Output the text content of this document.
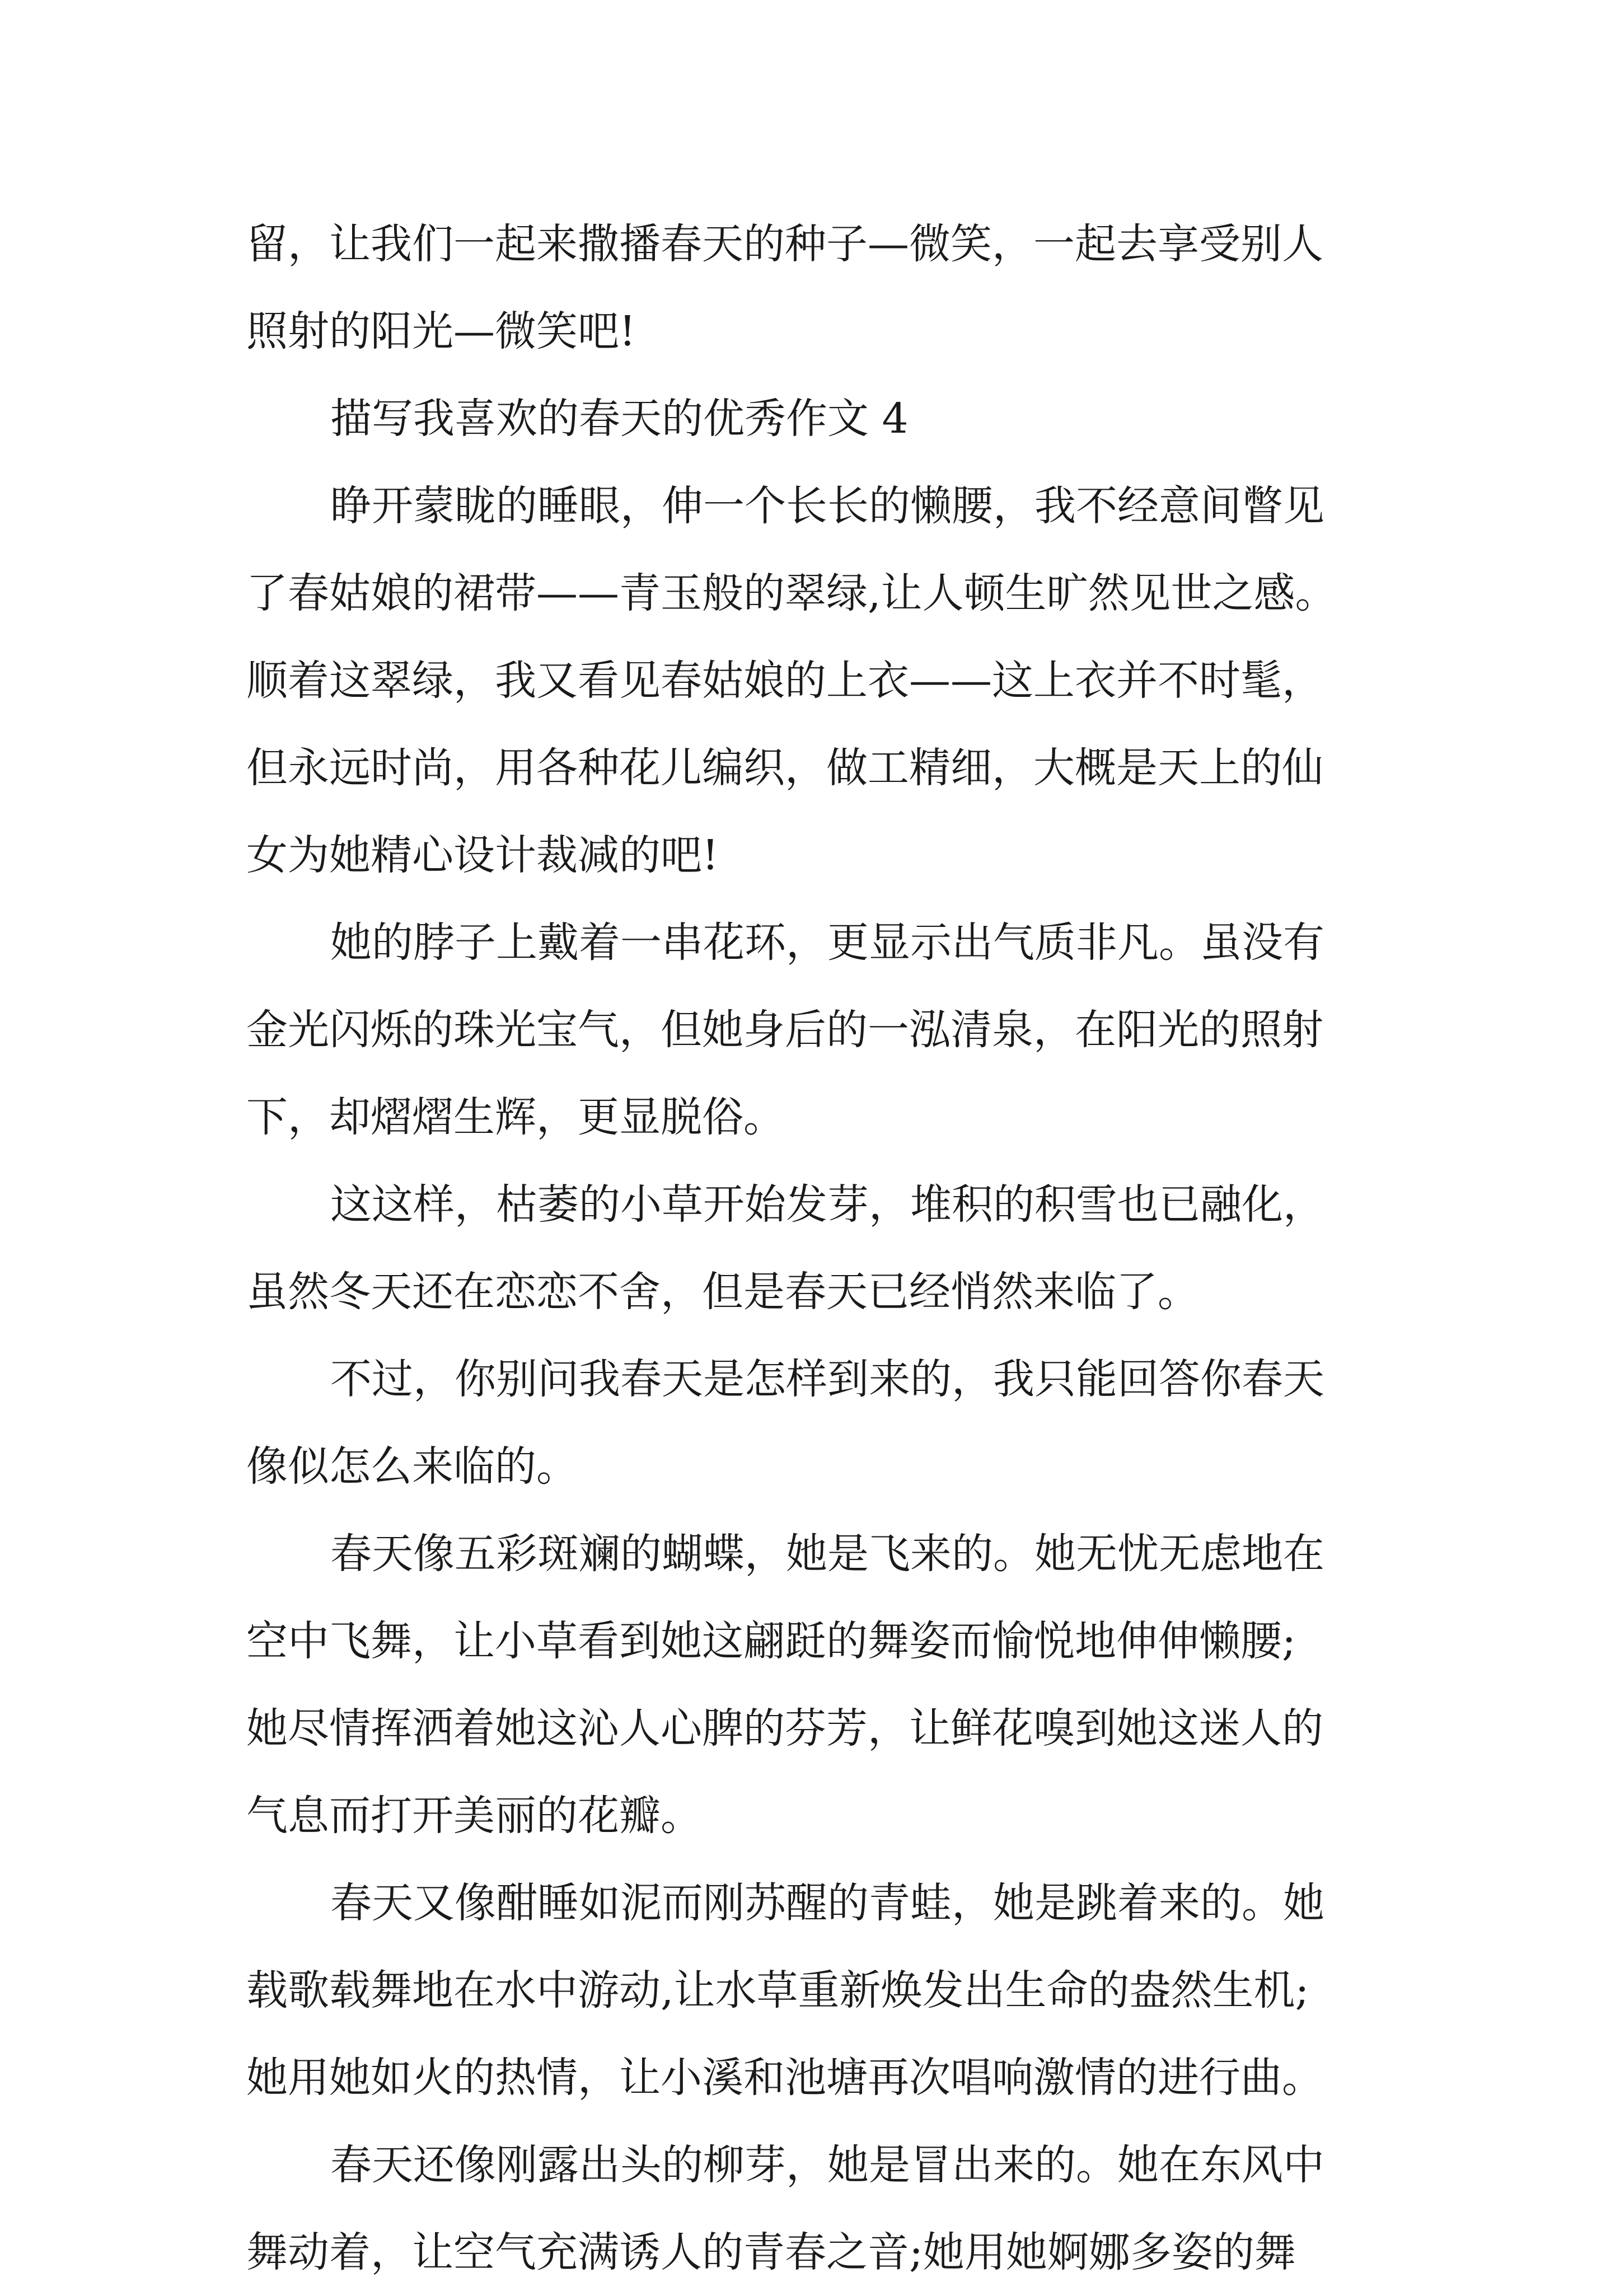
留，让我们一起来撒播春天的种子—微笑，一起去享受别人
照射的阳光—微笑吧!
描写我喜欢的春天的优秀作文 4
睁开蒙眬的睡眼，伸一个长长的懒腰，我不经意间瞥见
了春姑娘的裙带——青玉般的翠绿,让人顿生旷然见世之感。
顺着这翠绿，我又看见春姑娘的上衣——这上衣并不时髦，
但永远时尚，用各种花儿编织，做工精细，大概是天上的仙
女为她精心设计裁减的吧!
她的脖子上戴着一串花环，更显示出气质非凡。虽没有
金光闪烁的珠光宝气，但她身后的一泓清泉，在阳光的照射
下，却熠熠生辉，更显脱俗。
这这样，枯萎的小草开始发芽，堆积的积雪也已融化，
虽然冬天还在恋恋不舍，但是春天已经悄然来临了。
不过，你别问我春天是怎样到来的，我只能回答你春天
像似怎么来临的。
春天像五彩斑斓的蝴蝶，她是飞来的。她无忧无虑地在
空中飞舞，让小草看到她这翩跹的舞姿而愉悦地伸伸懒腰;
她尽情挥洒着她这沁人心脾的芬芳，让鲜花嗅到她这迷人的
气息而打开美丽的花瓣。
春天又像酣睡如泥而刚苏醒的青蛙，她是跳着来的。她
载歌载舞地在水中游动,让水草重新焕发出生命的盎然生机;
她用她如火的热情，让小溪和池塘再次唱响激情的进行曲。
春天还像刚露出头的柳芽，她是冒出来的。她在东风中
舞动着，让空气充满诱人的青春之音;她用她婀娜多姿的舞
